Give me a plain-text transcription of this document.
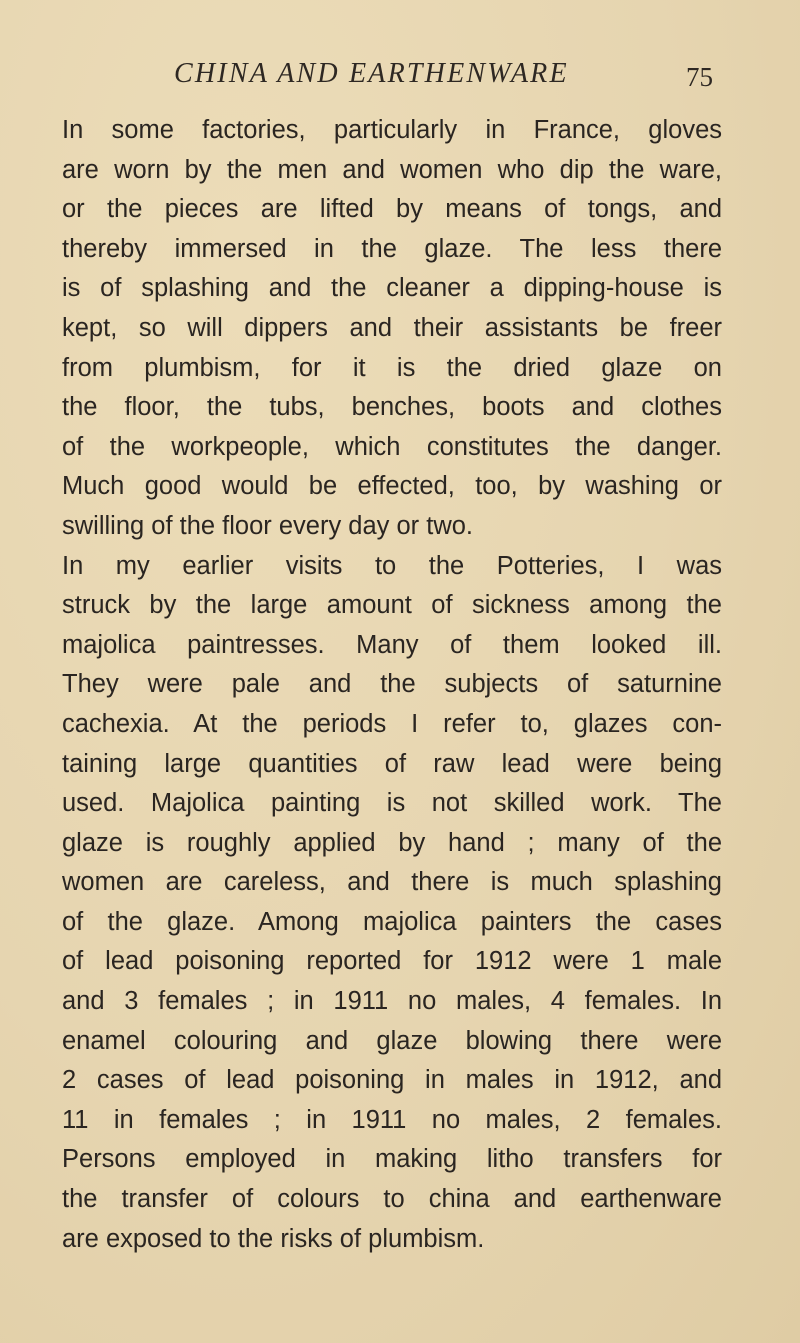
CHINA AND EARTHENWARE	75
In some factories, particularly in France, gloves
are worn by the men and women who dip the ware,
or the pieces are lifted by means of tongs, and
thereby immersed in the glaze. The less there
is of splashing and the cleaner a dipping-house is
kept, so will dippers and their assistants be freer
from plumbism, for it is the dried glaze on
the floor, the tubs, benches, boots and clothes
of the workpeople, which constitutes the danger.
Much good would be effected, too, by washing or
swilling of the floor every day or two.
In my earlier visits to the Potteries, I was
struck by the large amount of sickness among the
majolica paintresses. Many of them looked ill.
They were pale and the subjects of saturnine
cachexia. At the periods I refer to, glazes con-
taining large quantities of raw lead were being
used. Majolica painting is not skilled work. The
glaze is roughly applied by hand ; many of the
women are careless, and there is much splashing
of the glaze. Among majolica painters the cases
of lead poisoning reported for 1912 were 1 male
and 3 females ; in 1911 no males, 4 females. In
enamel colouring and glaze blowing there were
2 cases of lead poisoning in males in 1912, and
11 in females ; in 1911 no males, 2 females.
Persons employed in making litho transfers for
the transfer of colours to china and earthenware
are exposed to the risks of plumbism.
